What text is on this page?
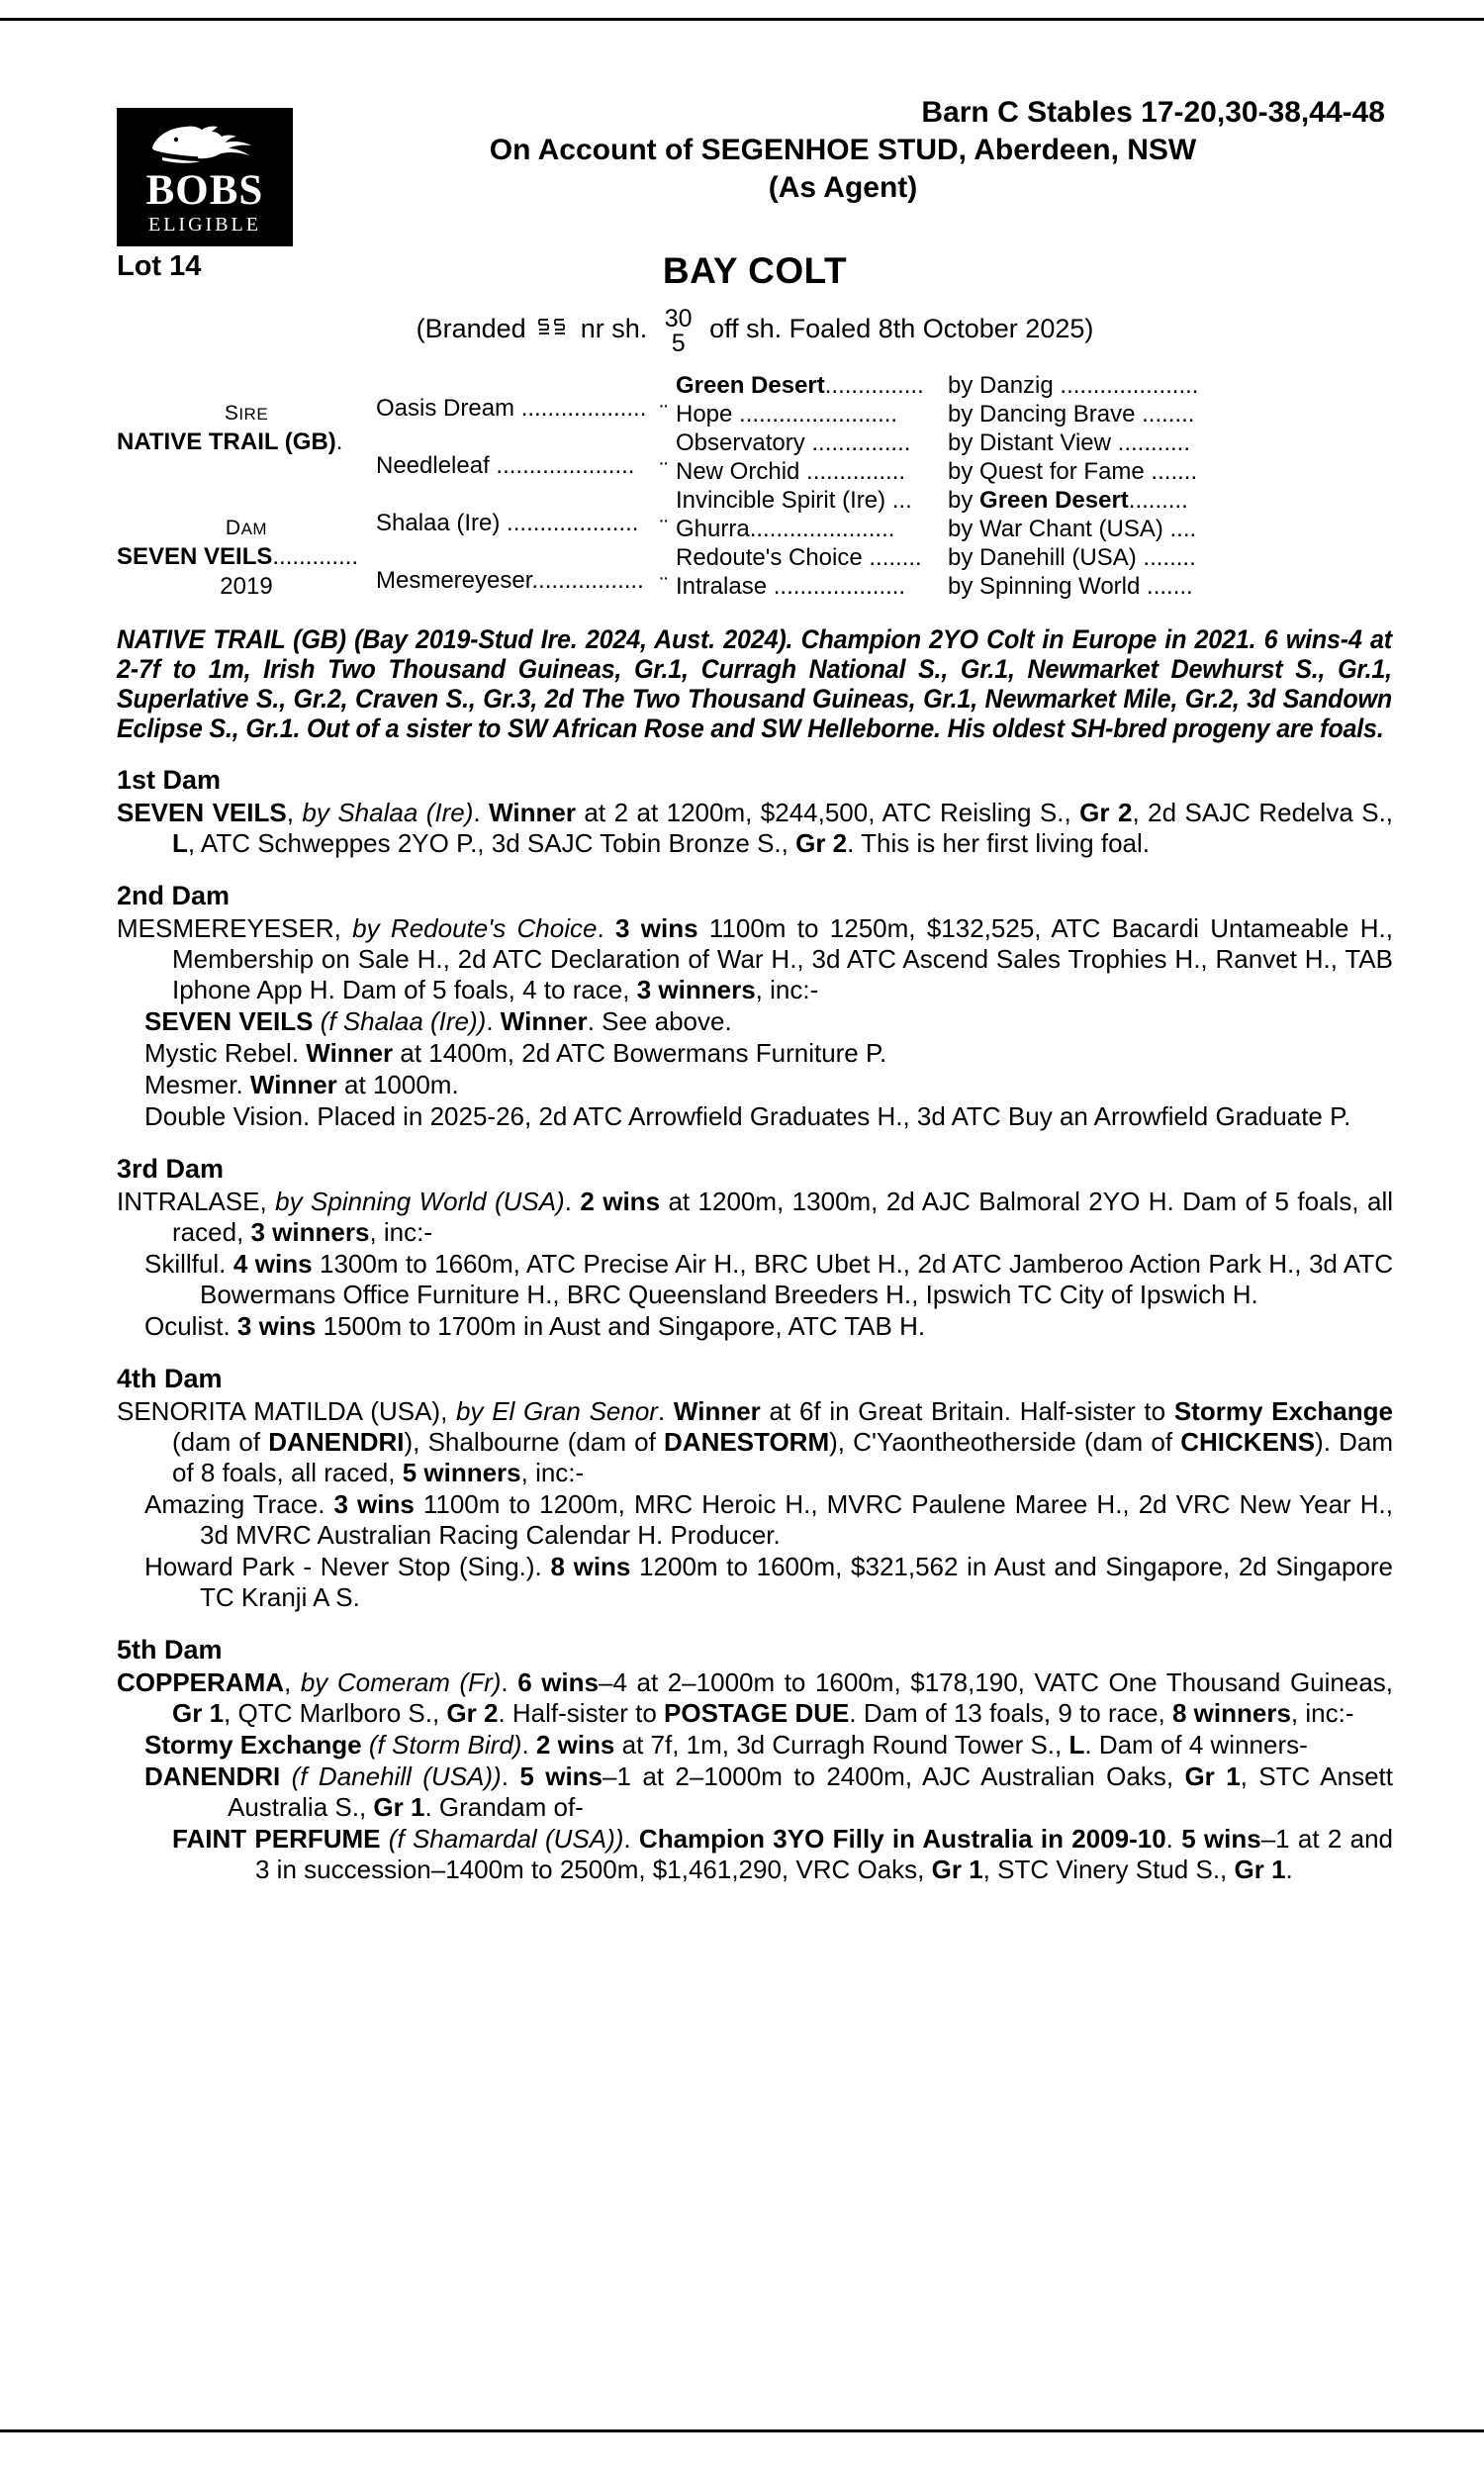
BOBS
ELIGIBLE
Barn C Stables 17-20,30-38,44-48
On Account of SEGENHOE STUD, Aberdeen, NSW
(As Agent)
Lot 14	BAY COLT
(Branded nr sh. 30
5 off sh. Foaled 8th October 2025)
SIRE
NATIVE TRAIL (GB).
DAM
SEVEN VEILS.............
2019
Oasis Dream ...................
Needleleaf .....................
Shalaa (Ire) ....................
Mesmereyeser.................
Green Desert...............
¨ Hope ........................
Observatory ...............
¨ New Orchid ...............
Invincible Spirit (Ire) ...
¨ Ghurra......................
Redoute's Choice ........
¨ Intralase ....................
by Danzig .....................
by Dancing Brave ........
by Distant View ...........
by Quest for Fame .......
by Green Desert.........
by War Chant (USA) ....
by Danehill (USA) ........
by Spinning World .......
NATIVE TRAIL (GB) (Bay 2019-Stud Ire. 2024, Aust. 2024). Champion 2YO Colt in Europe in 2021. 6 wins-4 at 2-7f to 1m, Irish Two Thousand Guineas, Gr.1, Curragh National S., Gr.1, Newmarket Dewhurst S., Gr.1, Superlative S., Gr.2, Craven S., Gr.3, 2d The Two Thousand Guineas, Gr.1, Newmarket Mile, Gr.2, 3d Sandown Eclipse S., Gr.1. Out of a sister to SW African Rose and SW Helleborne. His oldest SH-bred progeny are foals.
1st Dam
SEVEN VEILS, by Shalaa (Ire). Winner at 2 at 1200m, $244,500, ATC Reisling S., Gr 2, 2d SAJC Redelva S., L, ATC Schweppes 2YO P., 3d SAJC Tobin Bronze S., Gr 2. This is her first living foal.
2nd Dam
MESMEREYESER, by Redoute's Choice. 3 wins 1100m to 1250m, $132,525, ATC Bacardi Untameable H., Membership on Sale H., 2d ATC Declaration of War H., 3d ATC Ascend Sales Trophies H., Ranvet H., TAB Iphone App H. Dam of 5 foals, 4 to race, 3 winners, inc:-
SEVEN VEILS (f Shalaa (Ire)). Winner. See above.
Mystic Rebel. Winner at 1400m, 2d ATC Bowermans Furniture P.
Mesmer. Winner at 1000m.
Double Vision. Placed in 2025-26, 2d ATC Arrowfield Graduates H., 3d ATC Buy an Arrowfield Graduate P.
3rd Dam
INTRALASE, by Spinning World (USA). 2 wins at 1200m, 1300m, 2d AJC Balmoral 2YO H. Dam of 5 foals, all raced, 3 winners, inc:-
Skillful. 4 wins 1300m to 1660m, ATC Precise Air H., BRC Ubet H., 2d ATC Jamberoo Action Park H., 3d ATC Bowermans Office Furniture H., BRC Queensland Breeders H., Ipswich TC City of Ipswich H.
Oculist. 3 wins 1500m to 1700m in Aust and Singapore, ATC TAB H.
4th Dam
SENORITA MATILDA (USA), by El Gran Senor. Winner at 6f in Great Britain. Half-sister to Stormy Exchange (dam of DANENDRI), Shalbourne (dam of DANESTORM), C'Yaontheotherside (dam of CHICKENS). Dam of 8 foals, all raced, 5 winners, inc:-
Amazing Trace. 3 wins 1100m to 1200m, MRC Heroic H., MVRC Paulene Maree H., 2d VRC New Year H., 3d MVRC Australian Racing Calendar H. Producer.
Howard Park - Never Stop (Sing.). 8 wins 1200m to 1600m, $321,562 in Aust and Singapore, 2d Singapore TC Kranji A S.
5th Dam
COPPERAMA, by Comeram (Fr). 6 wins–4 at 2–1000m to 1600m, $178,190, VATC One Thousand Guineas, Gr 1, QTC Marlboro S., Gr 2. Half-sister to POSTAGE DUE. Dam of 13 foals, 9 to race, 8 winners, inc:-
Stormy Exchange (f Storm Bird). 2 wins at 7f, 1m, 3d Curragh Round Tower S., L. Dam of 4 winners-
DANENDRI (f Danehill (USA)). 5 wins–1 at 2–1000m to 2400m, AJC Australian Oaks, Gr 1, STC Ansett Australia S., Gr 1. Grandam of-
FAINT PERFUME (f Shamardal (USA)). Champion 3YO Filly in Australia in 2009-10. 5 wins–1 at 2 and 3 in succession–1400m to 2500m, $1,461,290, VRC Oaks, Gr 1, STC Vinery Stud S., Gr 1.
